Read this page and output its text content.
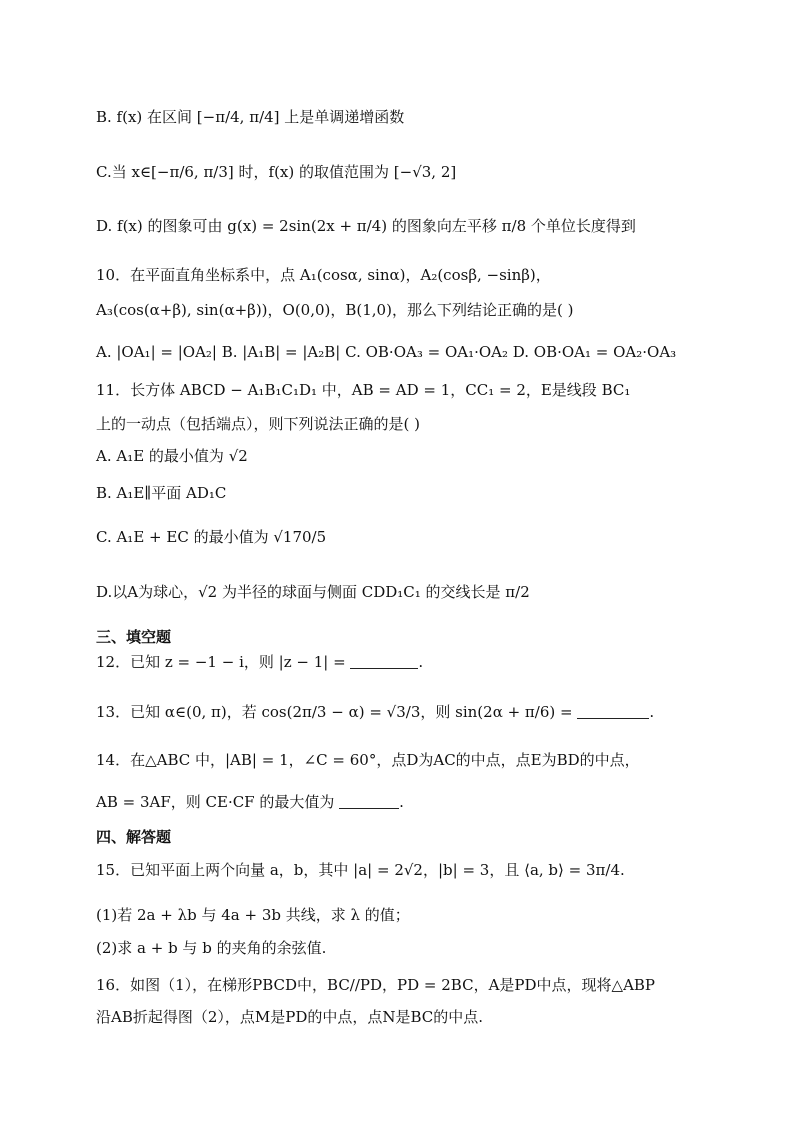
B. f(x) 在区间 [−π/4, π/4] 上是单调递增函数
C.当 x∈[−π/6, π/3] 时，f(x) 的取值范围为 [−√3, 2]
D. f(x) 的图象可由 g(x) = 2sin(2x + π/4) 的图象向左平移 π/8 个单位长度得到
10．在平面直角坐标系中，点 A₁(cosα, sinα)，A₂(cosβ, −sinβ)，
A₃(cos(α+β), sin(α+β))，O(0,0)，B(1,0)，那么下列结论正确的是( )
A. |OA₁| = |OA₂| B. |A₁B| = |A₂B| C. OB·OA₃ = OA₁·OA₂ D. OB·OA₁ = OA₂·OA₃
11．长方体 ABCD − A₁B₁C₁D₁ 中，AB = AD = 1，CC₁ = 2，E是线段 BC₁
上的一动点（包括端点），则下列说法正确的是( )
A. A₁E 的最小值为 √2
B. A₁E∥平面 AD₁C
C. A₁E + EC 的最小值为 √170/5
D.以A为球心，√2 为半径的球面与侧面 CDD₁C₁ 的交线长是 π/2
三、填空题
12．已知 z = −1 − i，则 |z − 1| =	.
13．已知 α∈(0, π)，若 cos(2π/3 − α) = √3/3，则 sin(2α + π/6) =	.
14．在△ABC 中，|AB| = 1，∠C = 60°，点D为AC的中点，点E为BD的中点，
AB = 3AF，则 CE·CF 的最大值为	.
四、解答题
15．已知平面上两个向量 a，b，其中 |a| = 2√2，|b| = 3，且 ⟨a, b⟩ = 3π/4.
(1)若 2a + λb 与 4a + 3b 共线，求 λ 的值；
(2)求 a + b 与 b 的夹角的余弦值.
16．如图（1），在梯形PBCD中，BC//PD，PD = 2BC，A是PD中点，现将△ABP
沿AB折起得图（2），点M是PD的中点，点N是BC的中点.
